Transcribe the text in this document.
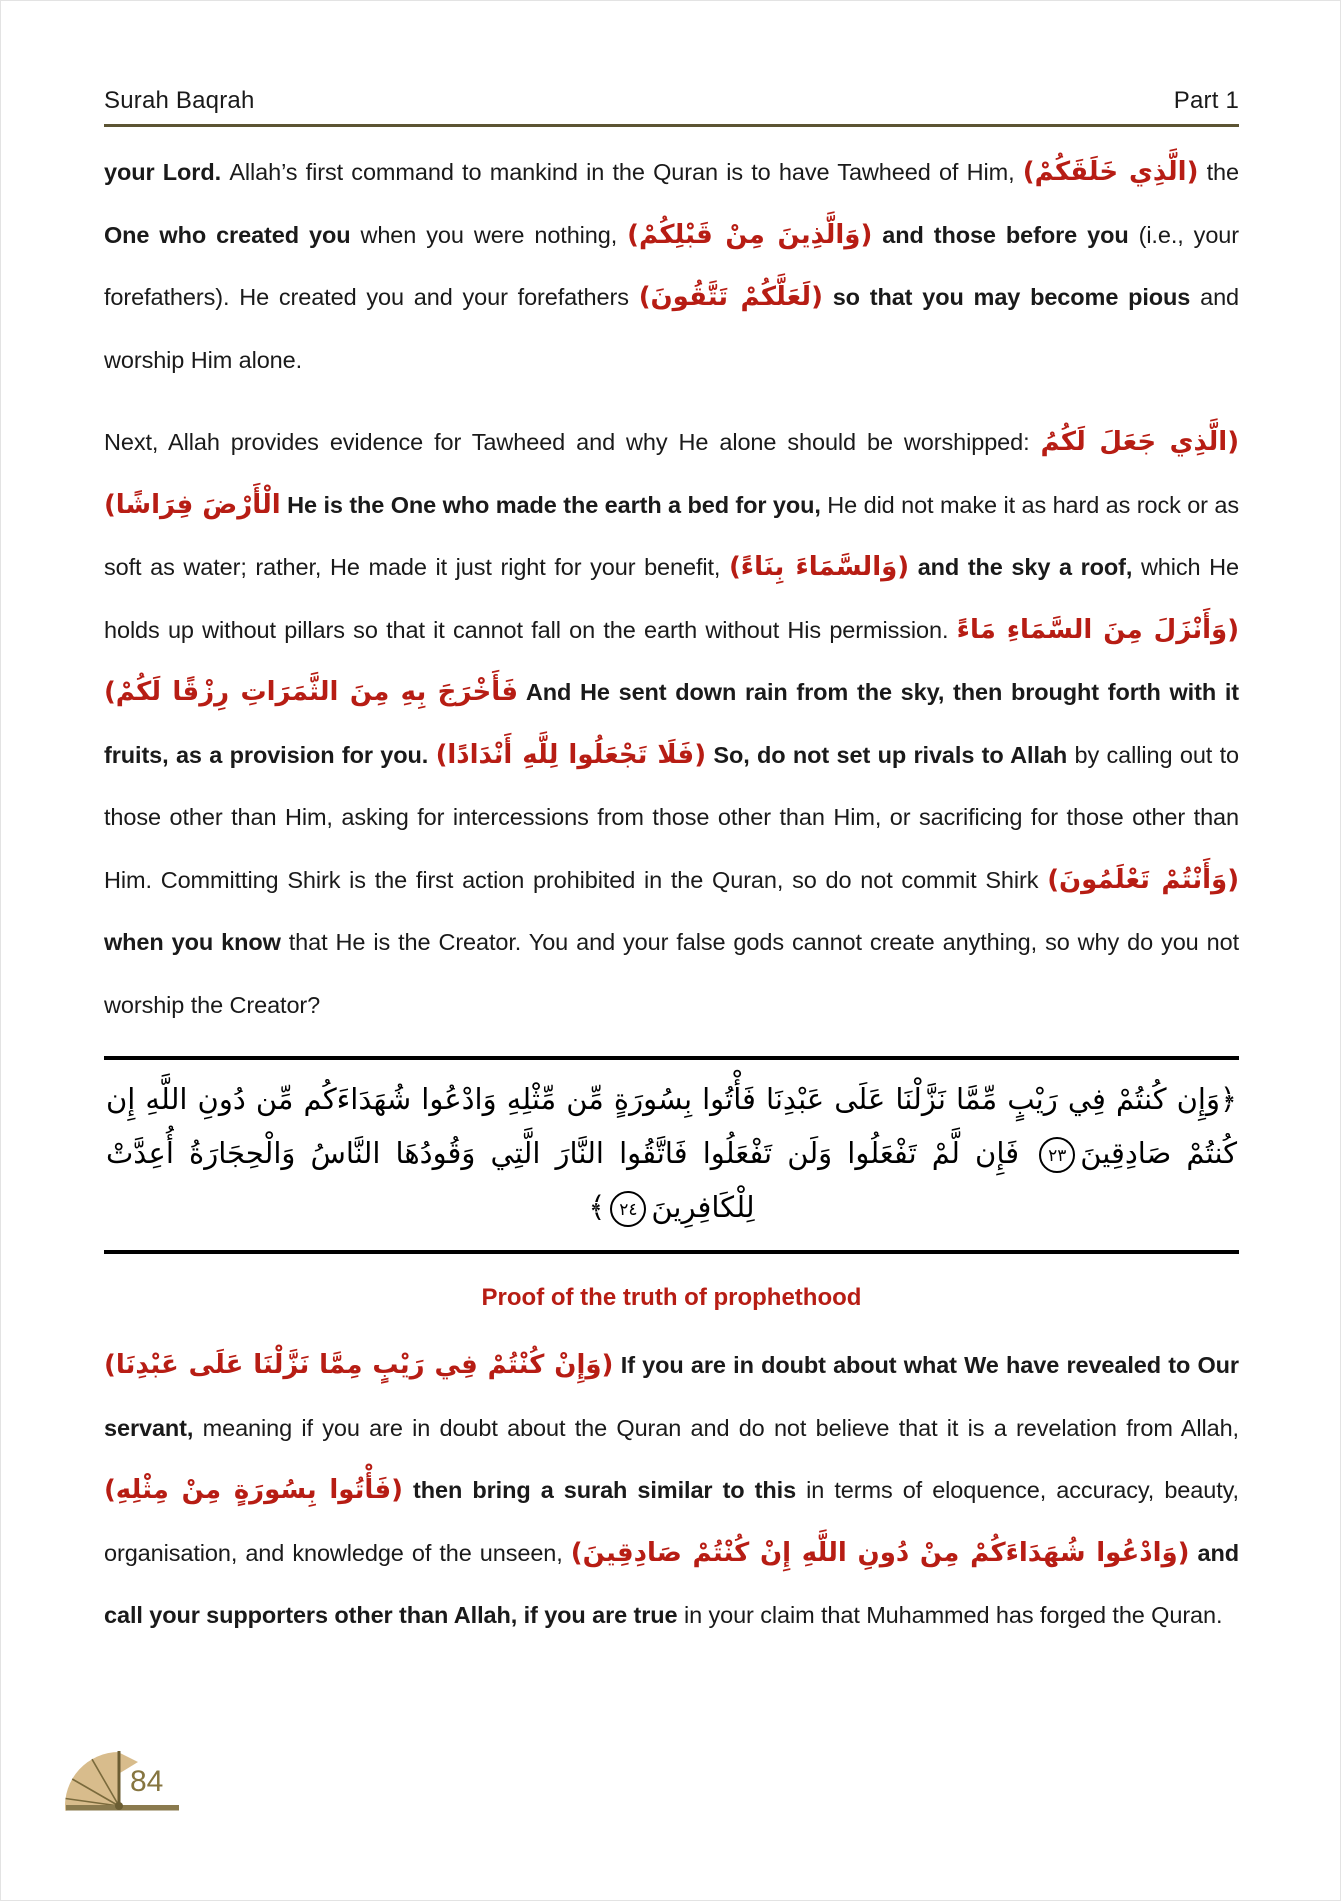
Surah Baqrah	Part 1

your Lord. Allah’s first command to mankind in the Quran is to have Tawheed of Him, (الَّذِي خَلَقَكُمْ) the One who created you when you were nothing, (وَالَّذِينَ مِنْ قَبْلِكُمْ) and those before you (i.e., your forefathers). He created you and your forefathers (لَعَلَّكُمْ تَتَّقُونَ) so that you may become pious and worship Him alone.

Next, Allah provides evidence for Tawheed and why He alone should be worshipped: (الَّذِي جَعَلَ لَكُمُ الْأَرْضَ فِرَاشًا) He is the One who made the earth a bed for you, He did not make it as hard as rock or as soft as water; rather, He made it just right for your benefit, (وَالسَّمَاءَ بِنَاءً) and the sky a roof, which He holds up without pillars so that it cannot fall on the earth without His permission. (وَأَنْزَلَ مِنَ السَّمَاءِ مَاءً فَأَخْرَجَ بِهِ مِنَ الثَّمَرَاتِ رِزْقًا لَكُمْ) And He sent down rain from the sky, then brought forth with it fruits, as a provision for you. (فَلَا تَجْعَلُوا لِلَّهِ أَنْدَادًا) So, do not set up rivals to Allah by calling out to those other than Him, asking for intercessions from those other than Him, or sacrificing for those other than Him. Committing Shirk is the first action prohibited in the Quran, so do not commit Shirk (وَأَنْتُمْ تَعْلَمُونَ) when you know that He is the Creator. You and your false gods cannot create anything, so why do you not worship the Creator?

﴿وَإِن كُنتُمْ فِي رَيْبٍ مِّمَّا نَزَّلْنَا عَلَى عَبْدِنَا فَأْتُوا بِسُورَةٍ مِّن مِّثْلِهِ وَادْعُوا شُهَدَاءَكُم مِّن دُونِ اللَّهِ إِن كُنتُمْ صَادِقِينَ٢٣ فَإِن لَّمْ تَفْعَلُوا وَلَن تَفْعَلُوا فَاتَّقُوا النَّارَ الَّتِي وَقُودُهَا النَّاسُ وَالْحِجَارَةُ أُعِدَّتْ لِلْكَافِرِينَ٢٤﴾
Proof of the truth of prophethood

(وَإِنْ كُنْتُمْ فِي رَيْبٍ مِمَّا نَزَّلْنَا عَلَى عَبْدِنَا) If you are in doubt about what We have revealed to Our servant, meaning if you are in doubt about the Quran and do not believe that it is a revelation from Allah, (فَأْتُوا بِسُورَةٍ مِنْ مِثْلِهِ) then bring a surah similar to this in terms of eloquence, accuracy, beauty, organisation, and knowledge of the unseen, (وَادْعُوا شُهَدَاءَكُمْ مِنْ دُونِ اللَّهِ إِنْ كُنْتُمْ صَادِقِينَ) and call your supporters other than Allah, if you are true in your claim that Muhammed has forged the Quran.

84
